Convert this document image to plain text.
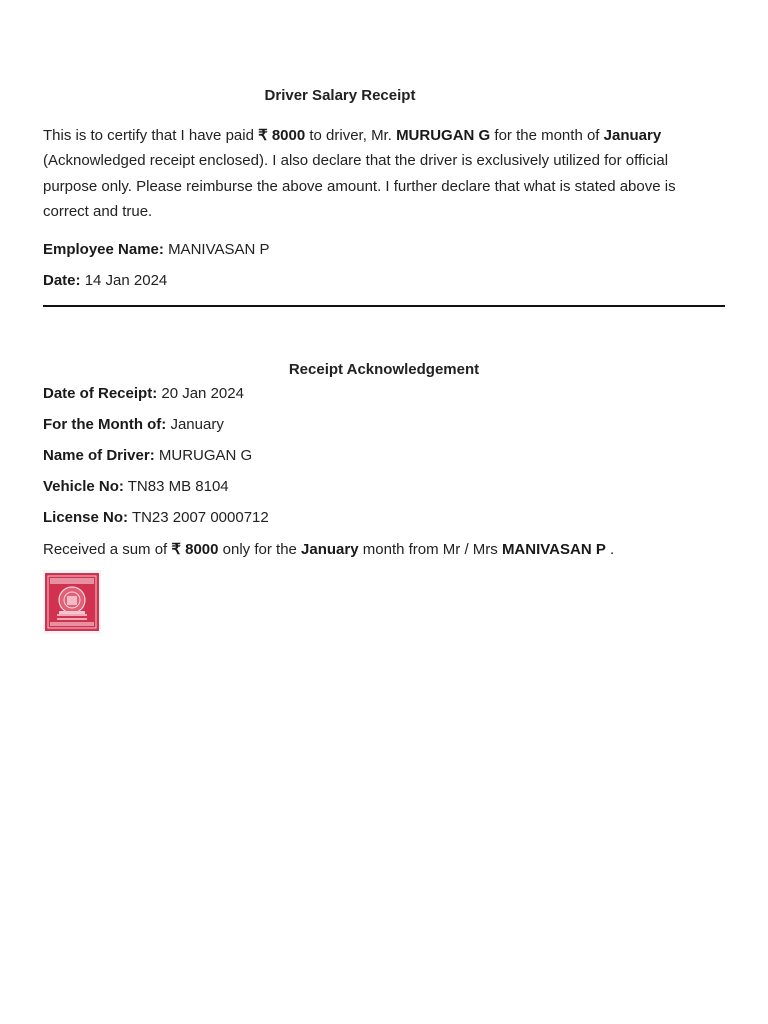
Driver Salary Receipt
This is to certify that I have paid ₹ 8000 to driver, Mr. MURUGAN G for the month of January (Acknowledged receipt enclosed). I also declare that the driver is exclusively utilized for official purpose only. Please reimburse the above amount. I further declare that what is stated above is correct and true.
Employee Name: MANIVASAN P
Date: 14 Jan 2024
Receipt Acknowledgement
Date of Receipt: 20 Jan 2024
For the Month of: January
Name of Driver: MURUGAN G
Vehicle No: TN83 MB 8104
License No: TN23 2007 0000712
Received a sum of ₹ 8000 only for the January month from Mr / Mrs MANIVASAN P .
